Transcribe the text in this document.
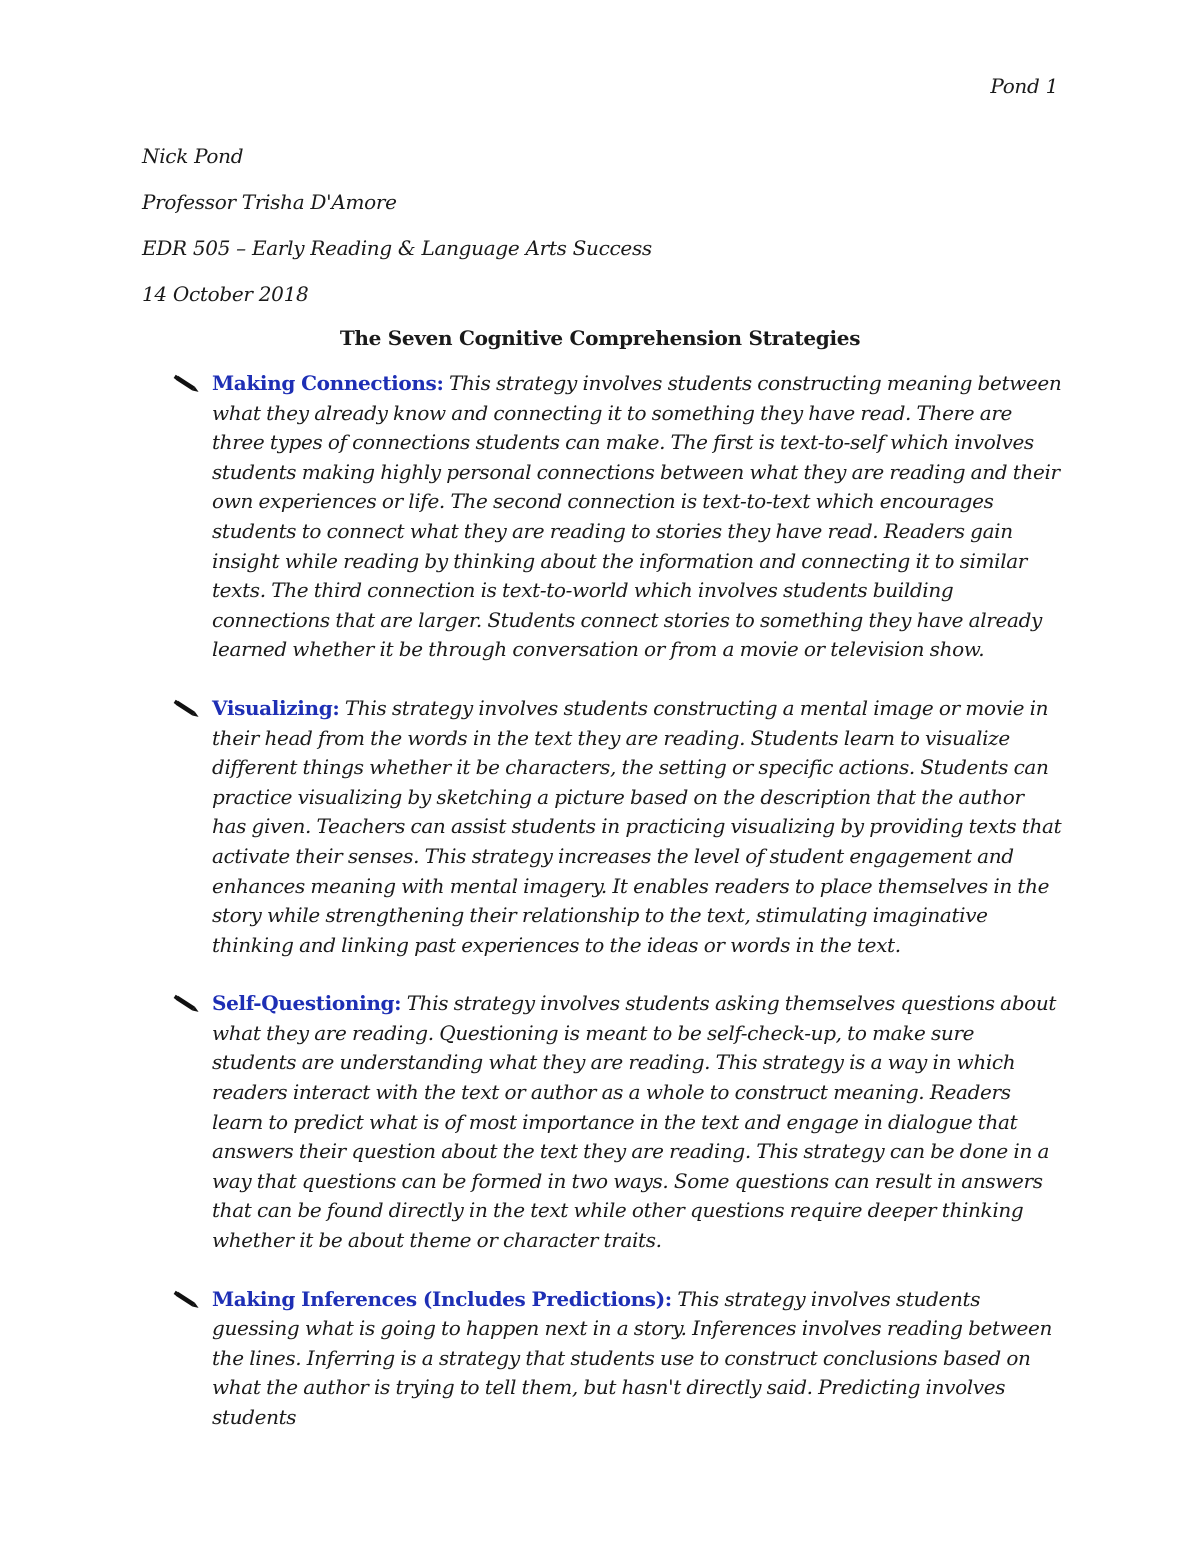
Pond 1
Nick Pond
Professor Trisha D'Amore
EDR 505 – Early Reading & Language Arts Success
14 October 2018
The Seven Cognitive Comprehension Strategies
Making Connections: This strategy involves students constructing meaning between what they already know and connecting it to something they have read. There are three types of connections students can make. The first is text-to-self which involves students making highly personal connections between what they are reading and their own experiences or life. The second connection is text-to-text which encourages students to connect what they are reading to stories they have read. Readers gain insight while reading by thinking about the information and connecting it to similar texts. The third connection is text-to-world which involves students building connections that are larger. Students connect stories to something they have already learned whether it be through conversation or from a movie or television show.
Visualizing: This strategy involves students constructing a mental image or movie in their head from the words in the text they are reading. Students learn to visualize different things whether it be characters, the setting or specific actions. Students can practice visualizing by sketching a picture based on the description that the author has given. Teachers can assist students in practicing visualizing by providing texts that activate their senses. This strategy increases the level of student engagement and enhances meaning with mental imagery. It enables readers to place themselves in the story while strengthening their relationship to the text, stimulating imaginative thinking and linking past experiences to the ideas or words in the text.
Self-Questioning: This strategy involves students asking themselves questions about what they are reading. Questioning is meant to be self-check-up, to make sure students are understanding what they are reading. This strategy is a way in which readers interact with the text or author as a whole to construct meaning. Readers learn to predict what is of most importance in the text and engage in dialogue that answers their question about the text they are reading. This strategy can be done in a way that questions can be formed in two ways. Some questions can result in answers that can be found directly in the text while other questions require deeper thinking whether it be about theme or character traits.
Making Inferences (Includes Predictions): This strategy involves students guessing what is going to happen next in a story. Inferences involves reading between the lines. Inferring is a strategy that students use to construct conclusions based on what the author is trying to tell them, but hasn't directly said. Predicting involves students
